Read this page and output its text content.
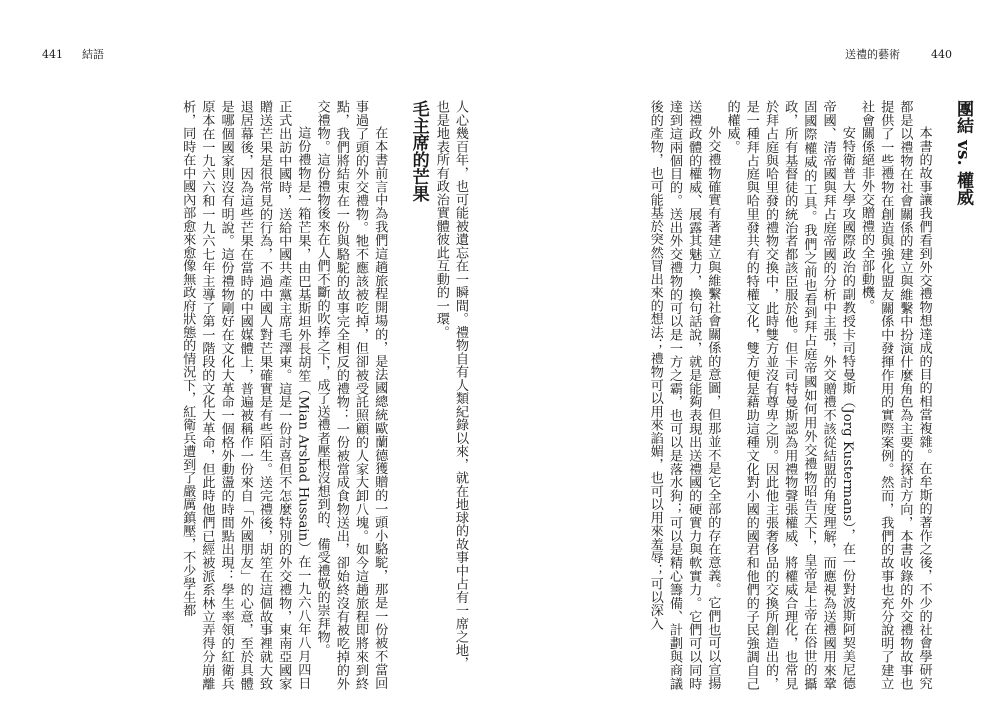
441 結語

人心幾百年，也可能被遺忘在一瞬間。禮物自有人類紀錄以來，就在地球的故事中占有一席之地，

也是地表所有政治實體彼此互動的一環。

毛主席的芒果

在本書前言中為我們這趟旅程開場的，是法國總統歐蘭德獲贈的一頭小駱駝，那是一份被不當回事過了頭的外交禮物。牠不應該被吃掉，但卻被受託照顧的人家大卸八塊。如今這趟旅程即將來到終點，我們將結束在一份與駱駝的故事完全相反的禮物：一份被當成食物送出，卻始終沒有被吃掉的外交禮物。這份禮物後來在人們不斷的吹捧之下，成了送禮者壓根沒想到的、備受禮敬的崇拜物。

這份禮物是一箱芒果，由巴基斯坦外長胡笙（Mian Arshad Hussain）在一九六八年八月四日正式出訪中國時，送給中國共產黨主席毛澤東。這是一份討喜但不怎麼特別的外交禮物，東南亞國家贈送芒果是很常見的行為，不過中國人對芒果確實是有些陌生。送完禮後，胡笙在這個故事裡就大致退居幕後，因為這些芒果在當時的中國媒體上，普遍被稱作一份來自「外國朋友」的心意，至於具體是哪個國家則沒有明說。這份禮物剛好在文化大革命一個格外動盪的時間點出現：學生率領的紅衛兵原本在一九六六和一九六七年主導了第一階段的文化大革命，但此時他們已經被派系林立弄得分崩離析，同時在中國內部愈來愈像無政府狀態的情況下，紅衛兵遭到了嚴厲鎮壓，不少學生都

送禮的藝術	440
團結 vs. 權威

本書的故事讓我們看到外交禮物想達成的目的相當複雜。在牟斯的著作之後，不少的社會學研究都是以禮物在社會關係的建立與維繫中扮演什麼角色為主要的探討方向，本書收錄的外交禮物故事也提供了一些禮物在創造與強化盟友關係中發揮作用的實際案例。然而，我們的故事也充分說明了建立社會關係絕非外交贈禮的全部動機。

安特衛普大學攻國際政治的副教授卡司特曼斯（Jorg Kustermans），在一份對波斯阿契美尼德帝國、清帝國與拜占庭帝國的分析中主張，外交贈禮不該從結盟的角度理解，而應視為送禮國用來鞏固國際權威的工具。我們之前也看到拜占庭帝國如何用外交禮物昭告天下，皇帝是上帝在俗世的攝政，所有基督徒的統治者都該臣服於他。但卡司特曼斯認為用禮物聲張權威、將權威合理化，也常見於拜占庭與哈里發的禮物交換中，此時雙方並沒有尊卑之別。因此他主張奢侈品的交換所創造出的，是一種拜占庭與哈里發共有的特權文化，雙方便是藉助這種文化對小國的國君和他們的子民強調自己的權威。

外交禮物確實有著建立與維繫社會關係的意圖，但那並不是它全部的存在意義。它們也可以宣揚送禮政體的權威、展露其魅力，換句話說，就是能夠表現出送禮國的硬實力與軟實力。它們可以同時達到這兩個目的。送出外交禮物的可以是一方之霸，也可以是落水狗；可以是精心籌備、計劃與商議後的產物，也可能基於突然冒出來的想法；禮物可以用來諂媚，也可以用來羞辱；可以深入
